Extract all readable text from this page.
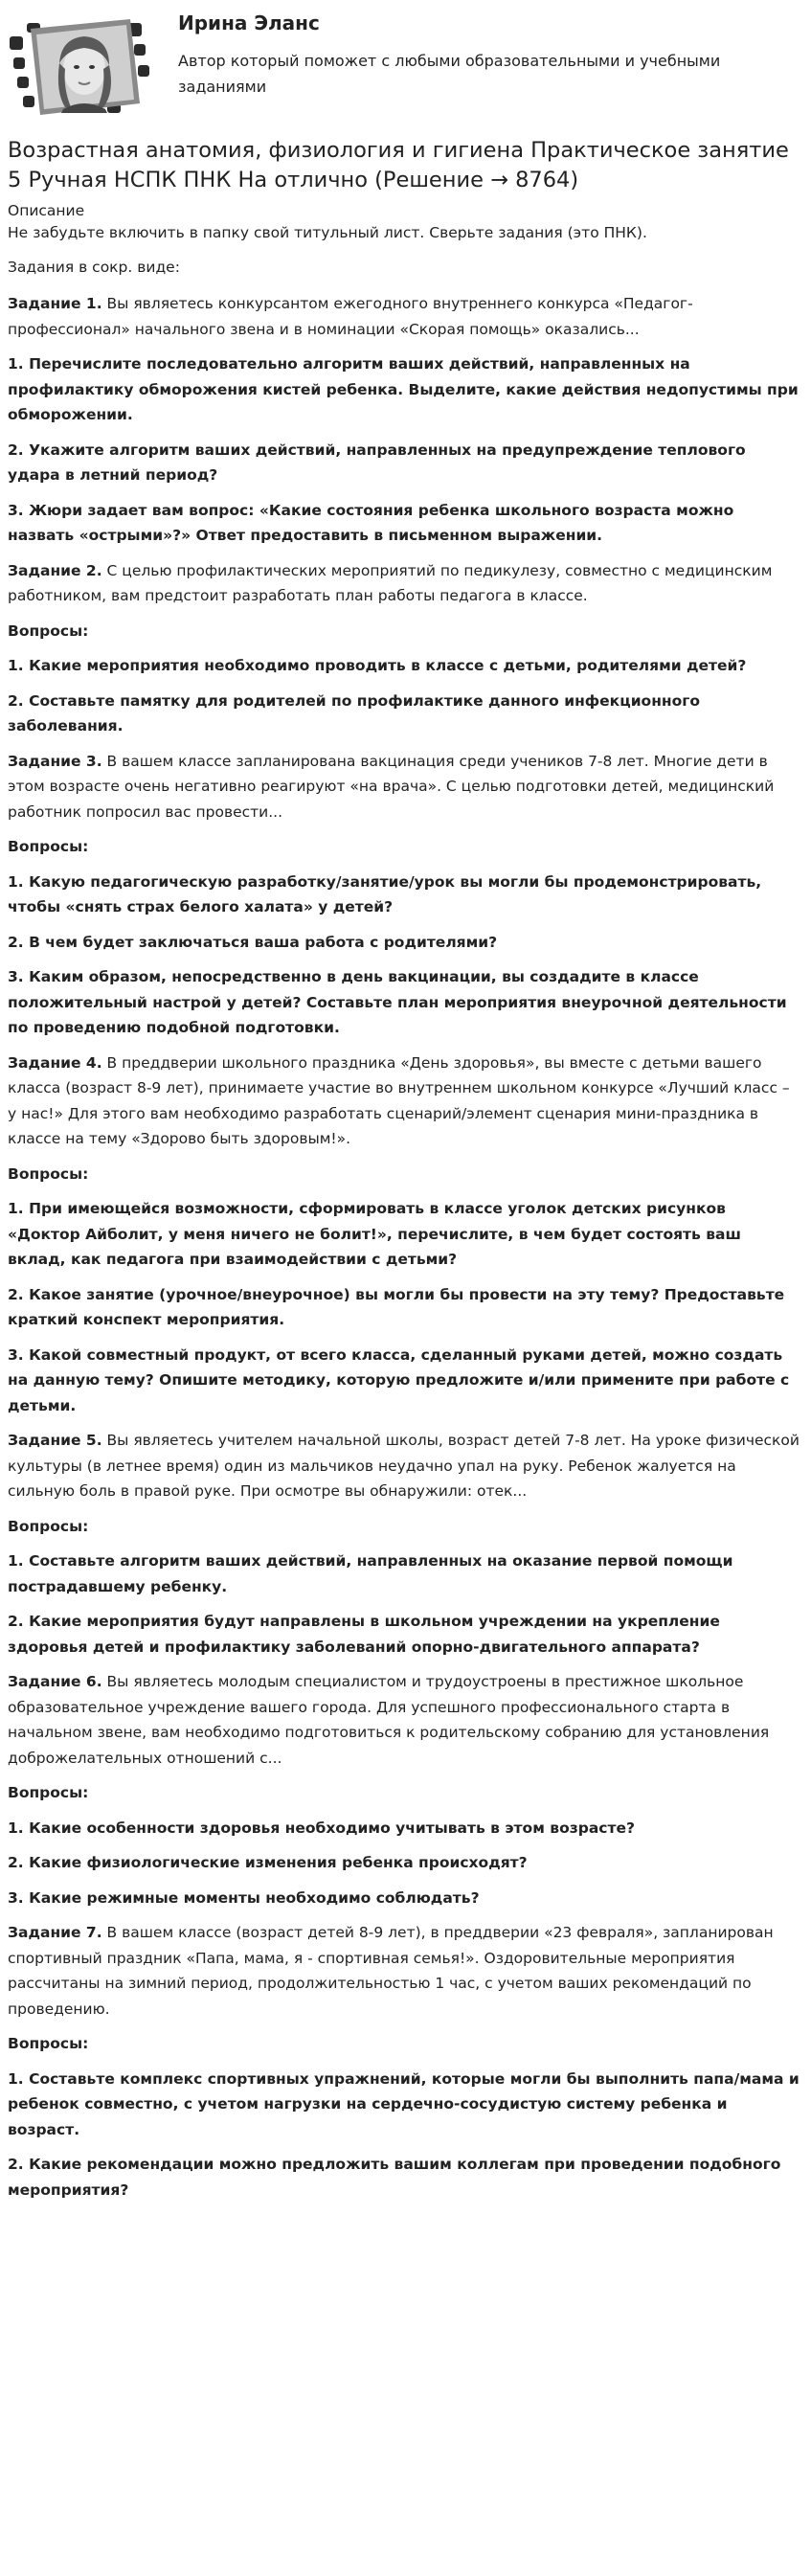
Ирина Эланс
Автор который поможет с любыми образовательными и учебными заданиями
Возрастная анатомия, физиология и гигиена Практическое занятие 5 Ручная НСПК ПНК На отлично (Решение → 8764)

Описание

Не забудьте включить в папку свой титульный лист. Сверьте задания (это ПНК).

Задания в сокр. виде:

Задание 1. Вы являетесь конкурсантом ежегодного внутреннего конкурса «Педагог-профессионал» начального звена и в номинации «Скорая помощь» оказались...

1. Перечислите последовательно алгоритм ваших действий, направленных на профилактику обморожения кистей ребенка. Выделите, какие действия недопустимы при обморожении.

2. Укажите алгоритм ваших действий, направленных на предупреждение теплового удара в летний период?

3. Жюри задает вам вопрос: «Какие состояния ребенка школьного возраста можно назвать «острыми»?» Ответ предоставить в письменном выражении.

Задание 2. С целью профилактических мероприятий по педикулезу, совместно с медицинским работником, вам предстоит разработать план работы педагога в классе.

Вопросы:

1. Какие мероприятия необходимо проводить в классе с детьми, родителями детей?

2. Составьте памятку для родителей по профилактике данного инфекционного заболевания.

Задание 3. В вашем классе запланирована вакцинация среди учеников 7-8 лет. Многие дети в этом возрасте очень негативно реагируют «на врача». С целью подготовки детей, медицинский работник попросил вас провести...

Вопросы:

1. Какую педагогическую разработку/занятие/урок вы могли бы продемонстрировать, чтобы «снять страх белого халата» у детей?

2. В чем будет заключаться ваша работа с родителями?

3. Каким образом, непосредственно в день вакцинации, вы создадите в классе положительный настрой у детей? Составьте план мероприятия внеурочной деятельности по проведению подобной подготовки.

Задание 4. В преддверии школьного праздника «День здоровья», вы вместе с детьми вашего класса (возраст 8-9 лет), принимаете участие во внутреннем школьном конкурсе «Лучший класс – у нас!» Для этого вам необходимо разработать сценарий/элемент сценария мини-праздника в классе на тему «Здорово быть здоровым!».

Вопросы:

1. При имеющейся возможности, сформировать в классе уголок детских рисунков «Доктор Айболит, у меня ничего не болит!», перечислите, в чем будет состоять ваш вклад, как педагога при взаимодействии с детьми?

2. Какое занятие (урочное/внеурочное) вы могли бы провести на эту тему? Предоставьте краткий конспект мероприятия.

3. Какой совместный продукт, от всего класса, сделанный руками детей, можно создать на данную тему? Опишите методику, которую предложите и/или примените при работе с детьми.

Задание 5. Вы являетесь учителем начальной школы, возраст детей 7-8 лет. На уроке физической культуры (в летнее время) один из мальчиков неудачно упал на руку. Ребенок жалуется на сильную боль в правой руке. При осмотре вы обнаружили: отек...

Вопросы:

1. Составьте алгоритм ваших действий, направленных на оказание первой помощи пострадавшему ребенку.

2. Какие мероприятия будут направлены в школьном учреждении на укрепление здоровья детей и профилактику заболеваний опорно-двигательного аппарата?

Задание 6. Вы являетесь молодым специалистом и трудоустроены в престижное школьное образовательное учреждение вашего города. Для успешного профессионального старта в начальном звене, вам необходимо подготовиться к родительскому собранию для установления доброжелательных отношений с...

Вопросы:

1. Какие особенности здоровья необходимо учитывать в этом возрасте?

2. Какие физиологические изменения ребенка происходят?

3. Какие режимные моменты необходимо соблюдать?

Задание 7. В вашем классе (возраст детей 8-9 лет), в преддверии «23 февраля», запланирован спортивный праздник «Папа, мама, я - спортивная семья!». Оздоровительные мероприятия рассчитаны на зимний период, продолжительностью 1 час, с учетом ваших рекомендаций по проведению.

Вопросы:

1. Составьте комплекс спортивных упражнений, которые могли бы выполнить папа/мама и ребенок совместно, с учетом нагрузки на сердечно-сосудистую систему ребенка и возраст.

2. Какие рекомендации можно предложить вашим коллегам при проведении подобного мероприятия?
